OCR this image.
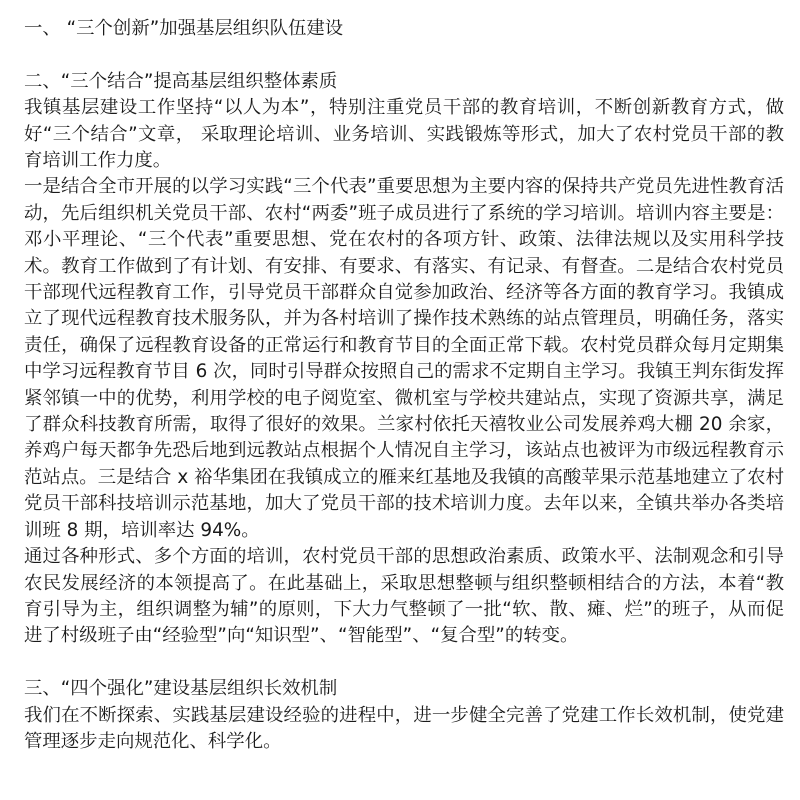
一、 “三个创新”加强基层组织队伍建设

二、“三个结合”提高基层组织整体素质

我镇基层建设工作坚持“以人为本”，特别注重党员干部的教育培训，不断创新教育方式，做好“三个结合”文章， 采取理论培训、业务培训、实践锻炼等形式，加大了农村党员干部的教育培训工作力度。

一是结合全市开展的以学习实践“三个代表”重要思想为主要内容的保持共产党员先进性教育活动，先后组织机关党员干部、农村“两委”班子成员进行了系统的学习培训。培训内容主要是：邓小平理论、“三个代表”重要思想、党在农村的各项方针、政策、法律法规以及实用科学技术。教育工作做到了有计划、有安排、有要求、有落实、有记录、有督查。二是结合农村党员干部现代远程教育工作，引导党员干部群众自觉参加政治、经济等各方面的教育学习。我镇成立了现代远程教育技术服务队，并为各村培训了操作技术熟练的站点管理员，明确任务，落实责任，确保了远程教育设备的正常运行和教育节目的全面正常下载。农村党员群众每月定期集中学习远程教育节目 6 次，同时引导群众按照自己的需求不定期自主学习。我镇王判东街发挥紧邻镇一中的优势，利用学校的电子阅览室、微机室与学校共建站点，实现了资源共享，满足了群众科技教育所需，取得了很好的效果。兰家村依托天禧牧业公司发展养鸡大棚 20 余家，养鸡户每天都争先恐后地到远教站点根据个人情况自主学习，该站点也被评为市级远程教育示范站点。三是结合 x 裕华集团在我镇成立的雁来红基地及我镇的高酸苹果示范基地建立了农村党员干部科技培训示范基地，加大了党员干部的技术培训力度。去年以来，全镇共举办各类培训班 8 期，培训率达 94%。

通过各种形式、多个方面的培训，农村党员干部的思想政治素质、政策水平、法制观念和引导农民发展经济的本领提高了。在此基础上，采取思想整顿与组织整顿相结合的方法，本着“教育引导为主，组织调整为辅”的原则，下大力气整顿了一批“软、散、瘫、烂”的班子，从而促进了村级班子由“经验型”向“知识型”、“智能型”、“复合型”的转变。

三、“四个强化”建设基层组织长效机制

我们在不断探索、实践基层建设经验的进程中，进一步健全完善了党建工作长效机制，使党建管理逐步走向规范化、科学化。
